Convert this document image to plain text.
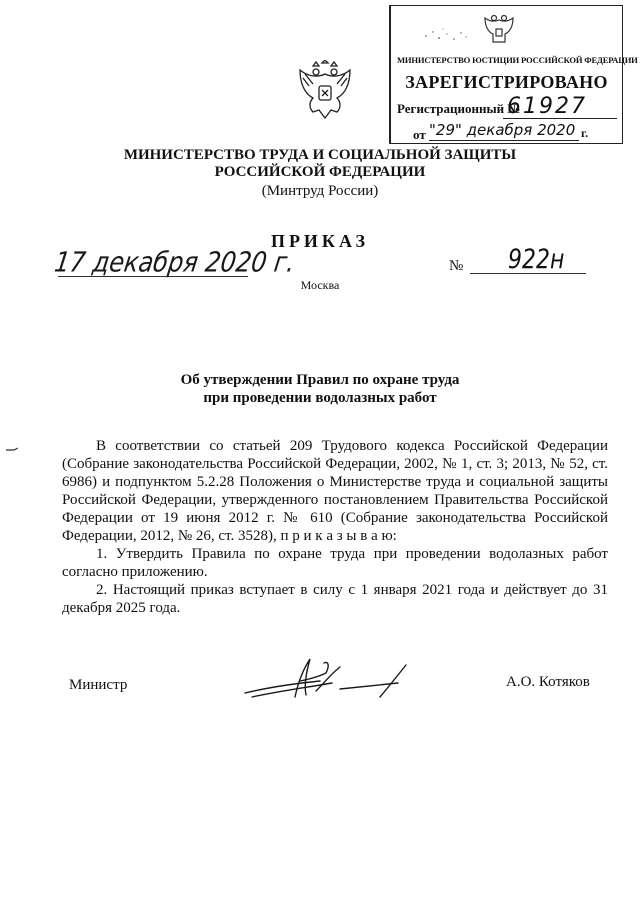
МИНИСТЕРСТВО ЮСТИЦИИ РОССИЙСКОЙ ФЕДЕРАЦИИ
ЗАРЕГИСТРИРОВАНО
Регистрационный №
61927
от "29" декабря 2020 г.
МИНИСТЕРСТВО ТРУДА И СОЦИАЛЬНОЙ ЗАЩИТЫ
РОССИЙСКОЙ ФЕДЕРАЦИИ
(Минтруд России)
ПРИКАЗ
17 декабря 2020 г.	№ 922н
Москва
Об утверждении Правил по охране труда
при проведении водолазных работ

В соответствии со статьей 209 Трудового кодекса Российской Федерации (Собрание законодательства Российской Федерации, 2002, № 1, ст. 3; 2013, № 52, ст. 6986) и подпунктом 5.2.28 Положения о Министерстве труда и социальной защиты Российской Федерации, утвержденного постановлением Правительства Российской Федерации от 19 июня 2012 г. № 610 (Собрание законодательства Российской Федерации, 2012, № 26, ст. 3528), п р и к а з ы в а ю:

1. Утвердить Правила по охране труда при проведении водолазных работ согласно приложению.

2. Настоящий приказ вступает в силу с 1 января 2021 года и действует до 31 декабря 2025 года.

Министр	А.О. Котяков
